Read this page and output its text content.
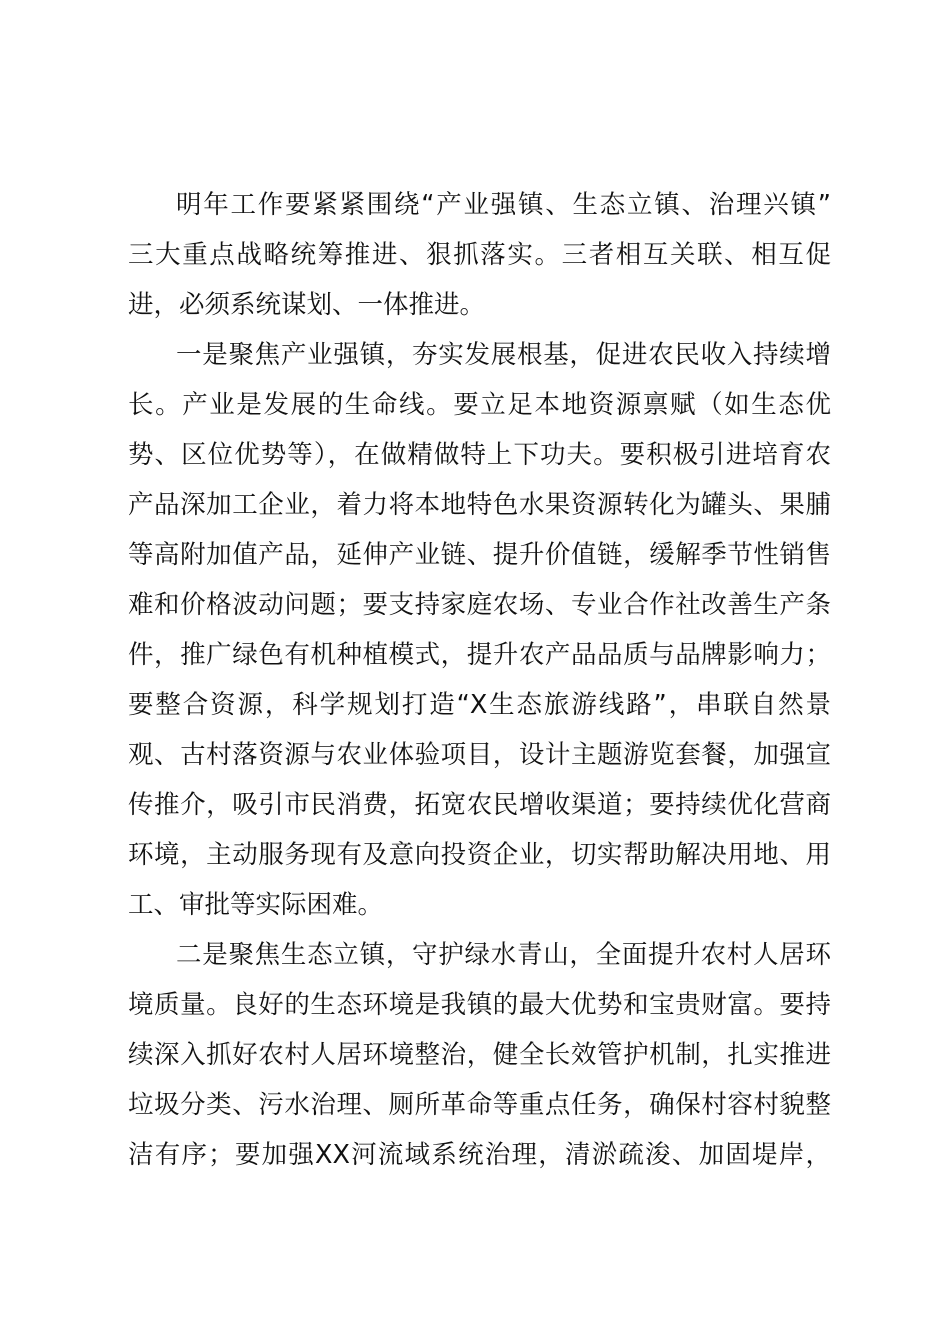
明年工作要紧紧围绕“产业强镇、生态立镇、治理兴镇”
三大重点战略统筹推进、狠抓落实。三者相互关联、相互促
进，必须系统谋划、一体推进。
一是聚焦产业强镇，夯实发展根基，促进农民收入持续增
长。产业是发展的生命线。要立足本地资源禀赋（如生态优
势、区位优势等），在做精做特上下功夫。要积极引进培育农
产品深加工企业，着力将本地特色水果资源转化为罐头、果脯
等高附加值产品，延伸产业链、提升价值链，缓解季节性销售
难和价格波动问题；要支持家庭农场、专业合作社改善生产条
件，推广绿色有机种植模式，提升农产品品质与品牌影响力；
要整合资源，科学规划打造“X生态旅游线路”，串联自然景
观、古村落资源与农业体验项目，设计主题游览套餐，加强宣
传推介，吸引市民消费，拓宽农民增收渠道；要持续优化营商
环境，主动服务现有及意向投资企业，切实帮助解决用地、用
工、审批等实际困难。
二是聚焦生态立镇，守护绿水青山，全面提升农村人居环
境质量。良好的生态环境是我镇的最大优势和宝贵财富。要持
续深入抓好农村人居环境整治，健全长效管护机制，扎实推进
垃圾分类、污水治理、厕所革命等重点任务，确保村容村貌整
洁有序；要加强XX河流域系统治理，清淤疏浚、加固堤岸，
